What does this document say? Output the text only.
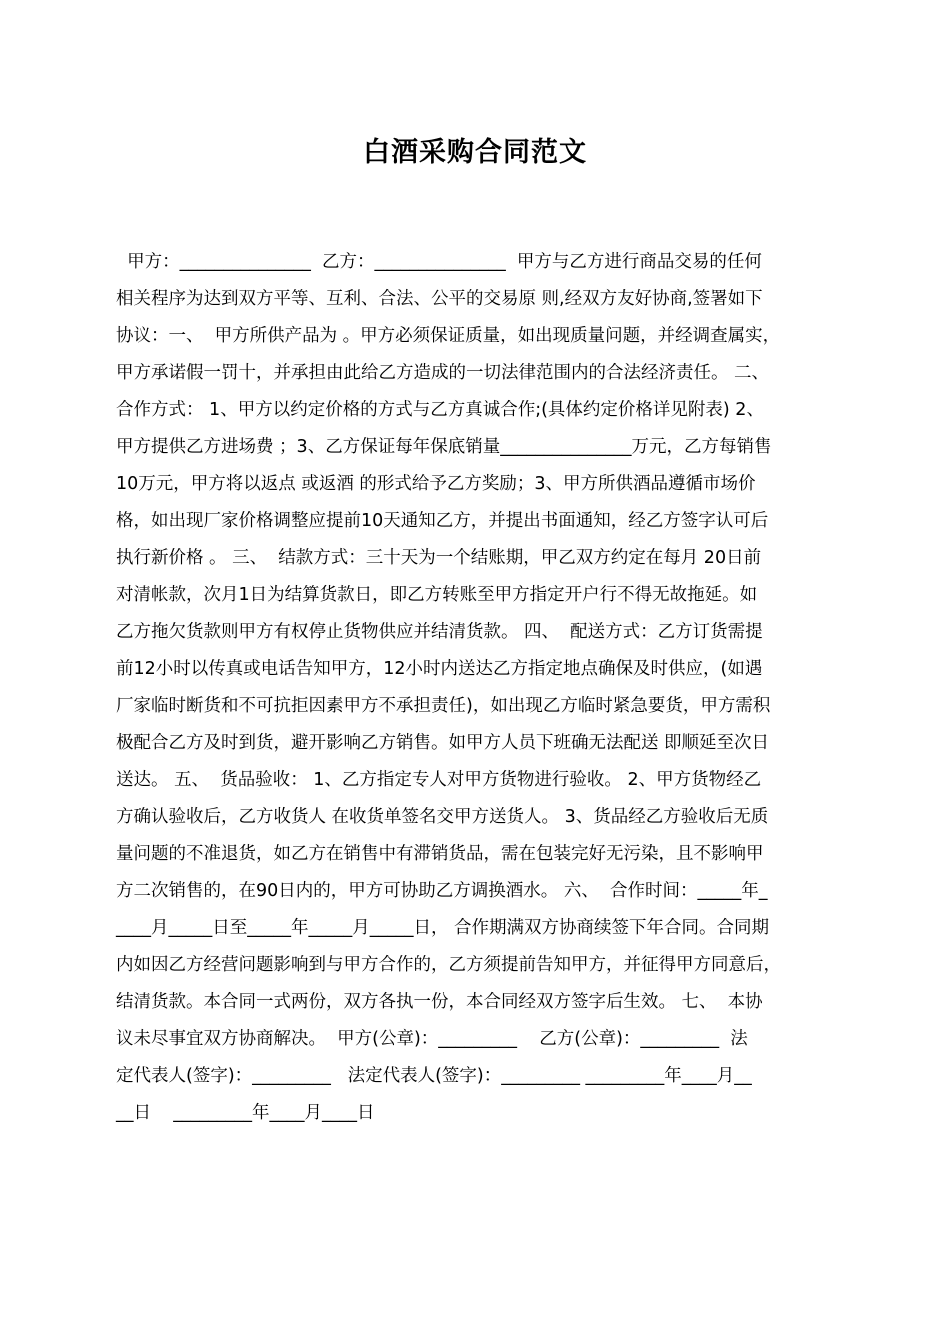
白酒采购合同范文
甲方：_______________  乙方：_______________  甲方与乙方进行商品交易的任何
相关程序为达到双方平等、互利、合法、公平的交易原 则,经双方友好协商,签署如下
协议：一、  甲方所供产品为 。甲方必须保证质量，如出现质量问题，并经调查属实，
甲方承诺假一罚十，并承担由此给乙方造成的一切法律范围内的合法经济责任。 二、
合作方式： 1、甲方以约定价格的方式与乙方真诚合作;(具体约定价格详见附表) 2、
甲方提供乙方进场费 ；3、乙方保证每年保底销量_______________万元，乙方每销售
10万元，甲方将以返点 或返酒 的形式给予乙方奖励；3、甲方所供酒品遵循市场价
格，如出现厂家价格调整应提前10天通知乙方，并提出书面通知，经乙方签字认可后
执行新价格 。 三、  结款方式：三十天为一个结账期，甲乙双方约定在每月 20日前
对清帐款，次月1日为结算货款日，即乙方转账至甲方指定开户行不得无故拖延。如
乙方拖欠货款则甲方有权停止货物供应并结清货款。 四、  配送方式：乙方订货需提
前12小时以传真或电话告知甲方，12小时内送达乙方指定地点确保及时供应，(如遇
厂家临时断货和不可抗拒因素甲方不承担责任)，如出现乙方临时紧急要货，甲方需积
极配合乙方及时到货，避开影响乙方销售。如甲方人员下班确无法配送 即顺延至次日
送达。 五、  货品验收： 1、乙方指定专人对甲方货物进行验收。 2、甲方货物经乙
方确认验收后，乙方收货人 在收货单签名交甲方送货人。 3、货品经乙方验收后无质
量问题的不准退货，如乙方在销售中有滞销货品，需在包装完好无污染，且不影响甲
方二次销售的，在90日内的，甲方可协助乙方调换酒水。 六、  合作时间：_____年_
____月_____日至_____年_____月_____日， 合作期满双方协商续签下年合同。合同期
内如因乙方经营问题影响到与甲方合作的，乙方须提前告知甲方，并征得甲方同意后，
结清货款。本合同一式两份，双方各执一份，本合同经双方签字后生效。 七、  本协
议未尽事宜双方协商解决。  甲方(公章)：_________    乙方(公章)：_________  法
定代表人(签字)：_________   法定代表人(签字)：_________ _________年____月__
__日    _________年____月____日
